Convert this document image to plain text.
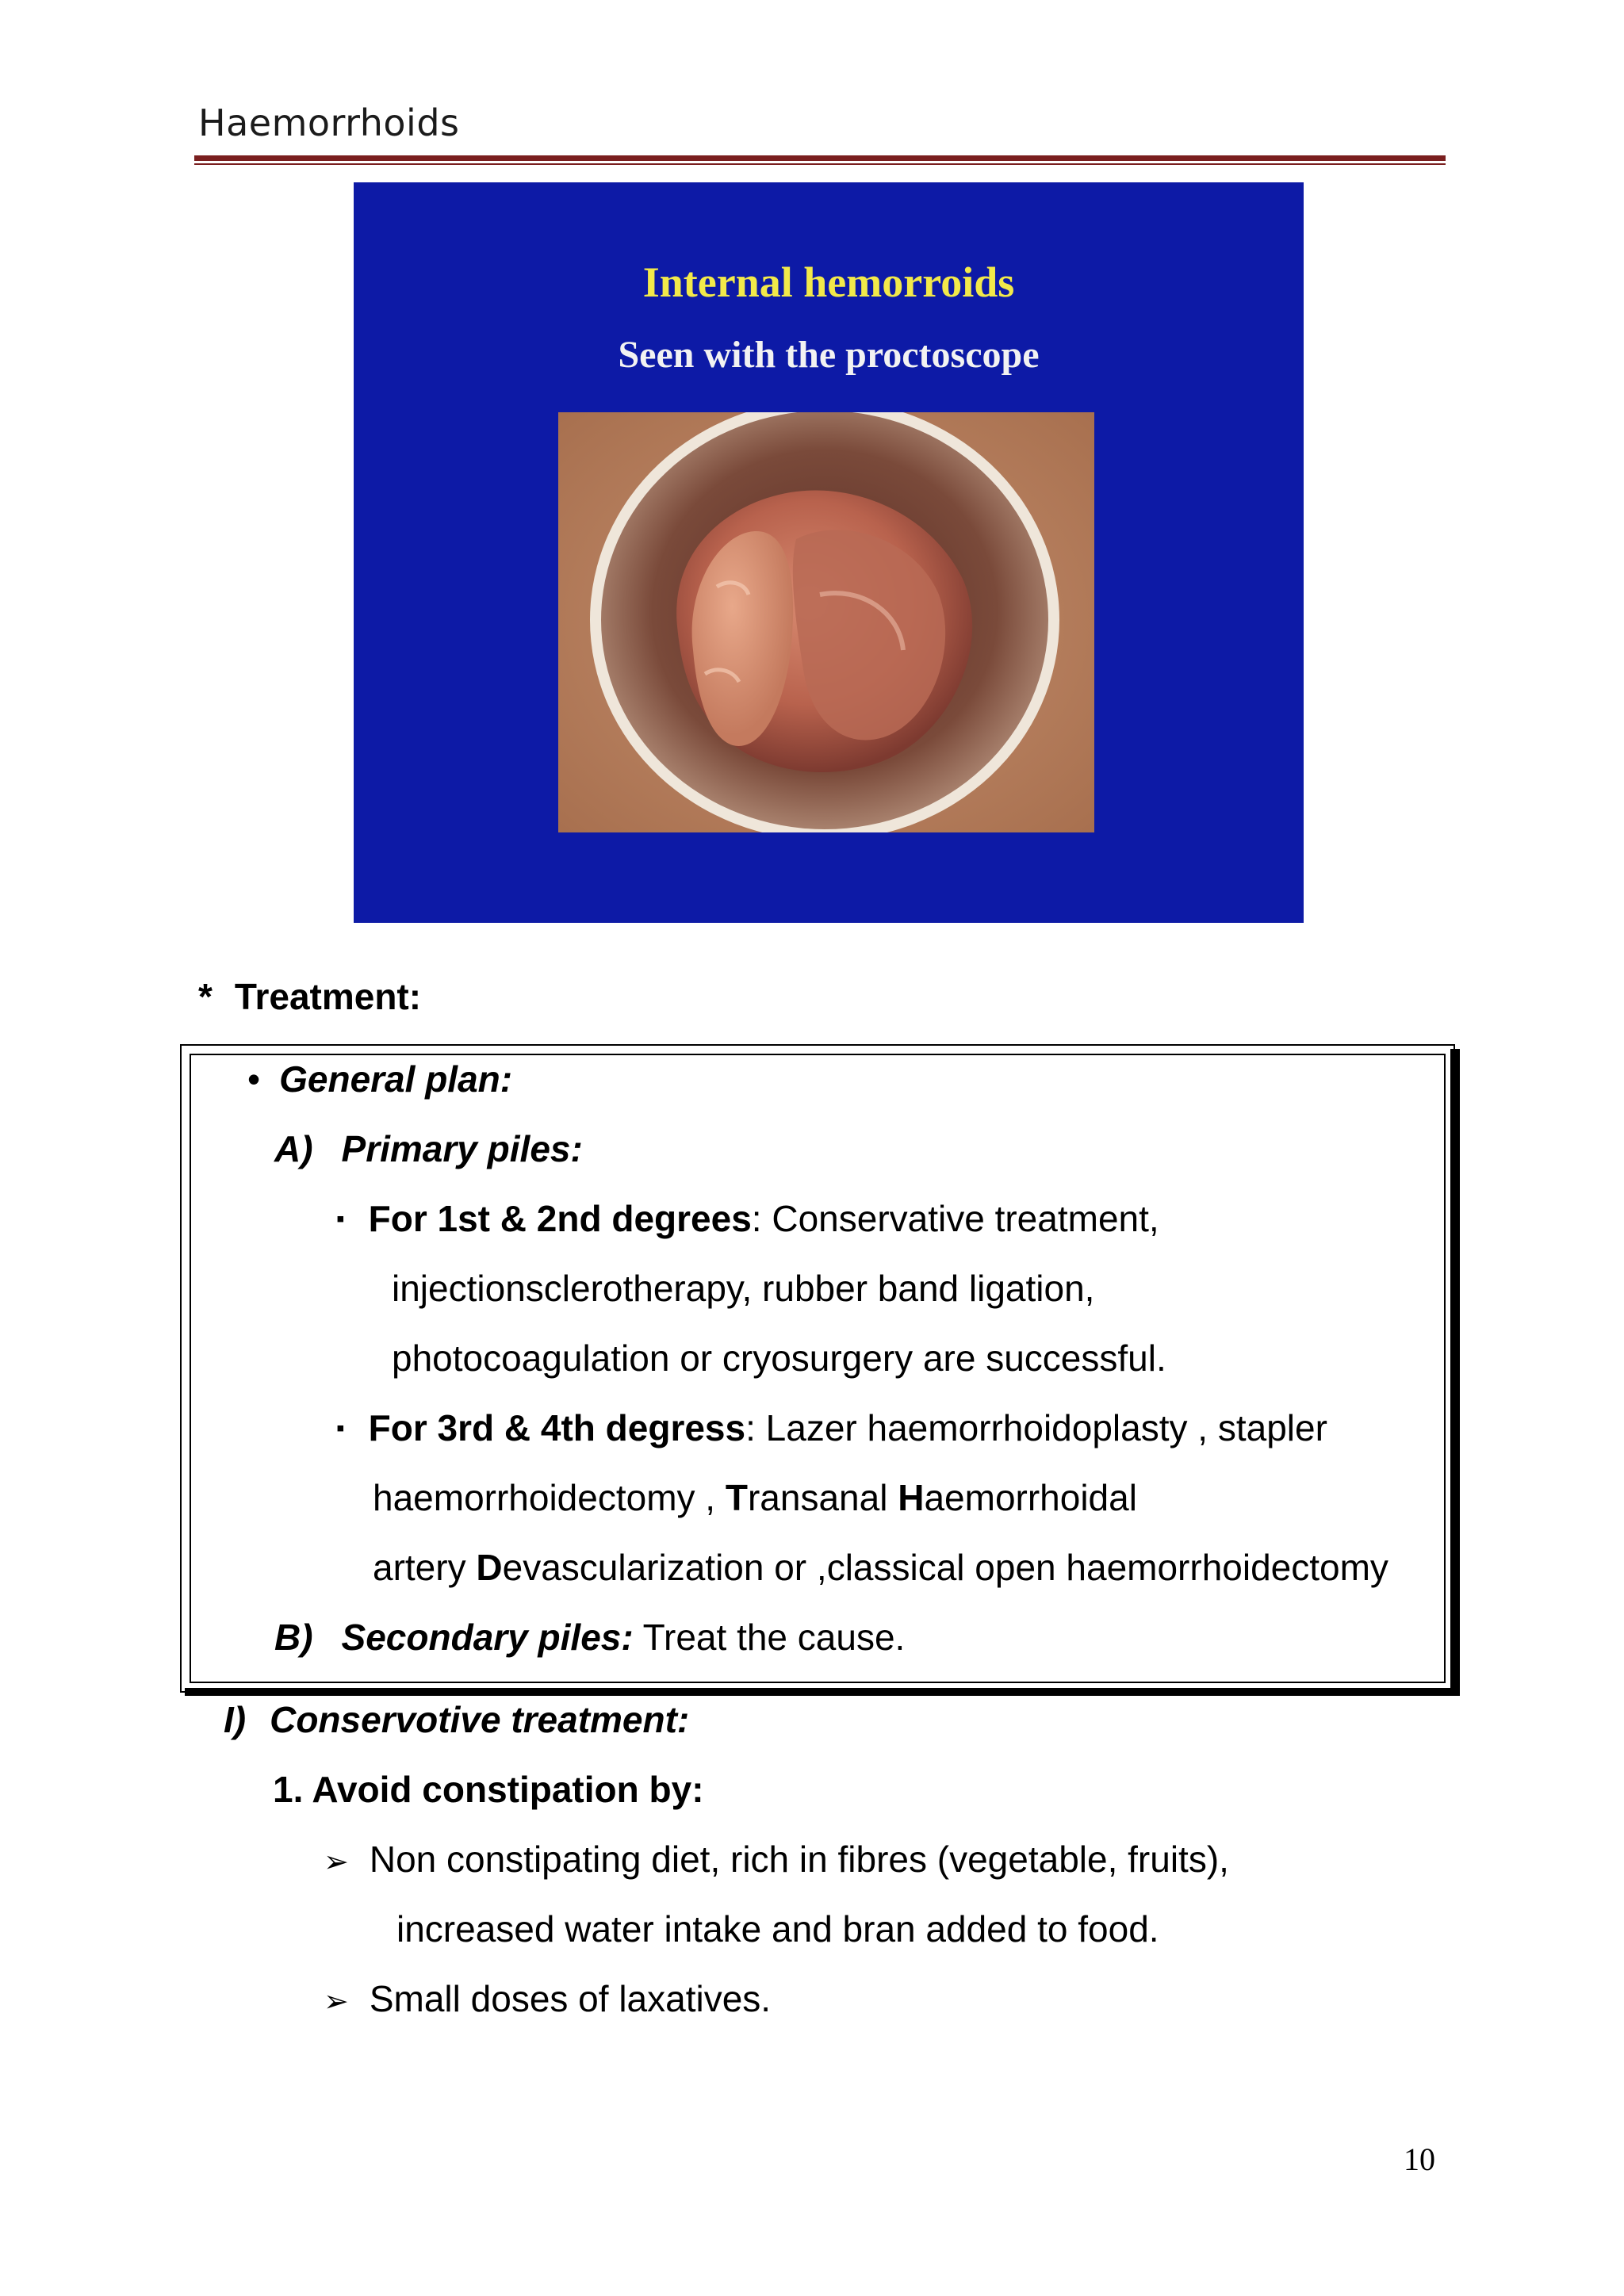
Haemorrhoids
Internal hemorroids
Seen with the proctoscope
* Treatment:
• General plan:
A) Primary piles:
▪ For 1st & 2nd degrees: Conservative treatment,
injectionsclerotherapy, rubber band ligation,
photocoagulation or cryosurgery are successful.
▪ For 3rd & 4th degress: Lazer haemorrhoidoplasty , stapler
haemorrhoidectomy , Transanal Haemorrhoidal
artery Devascularization or ,classical open haemorrhoidectomy
B) Secondary piles: Treat the cause.
I) Conservotive treatment:
1. Avoid constipation by:
➢ Non constipating diet, rich in fibres (vegetable, fruits),
increased water intake and bran added to food.
➢ Small doses of laxatives.
10
